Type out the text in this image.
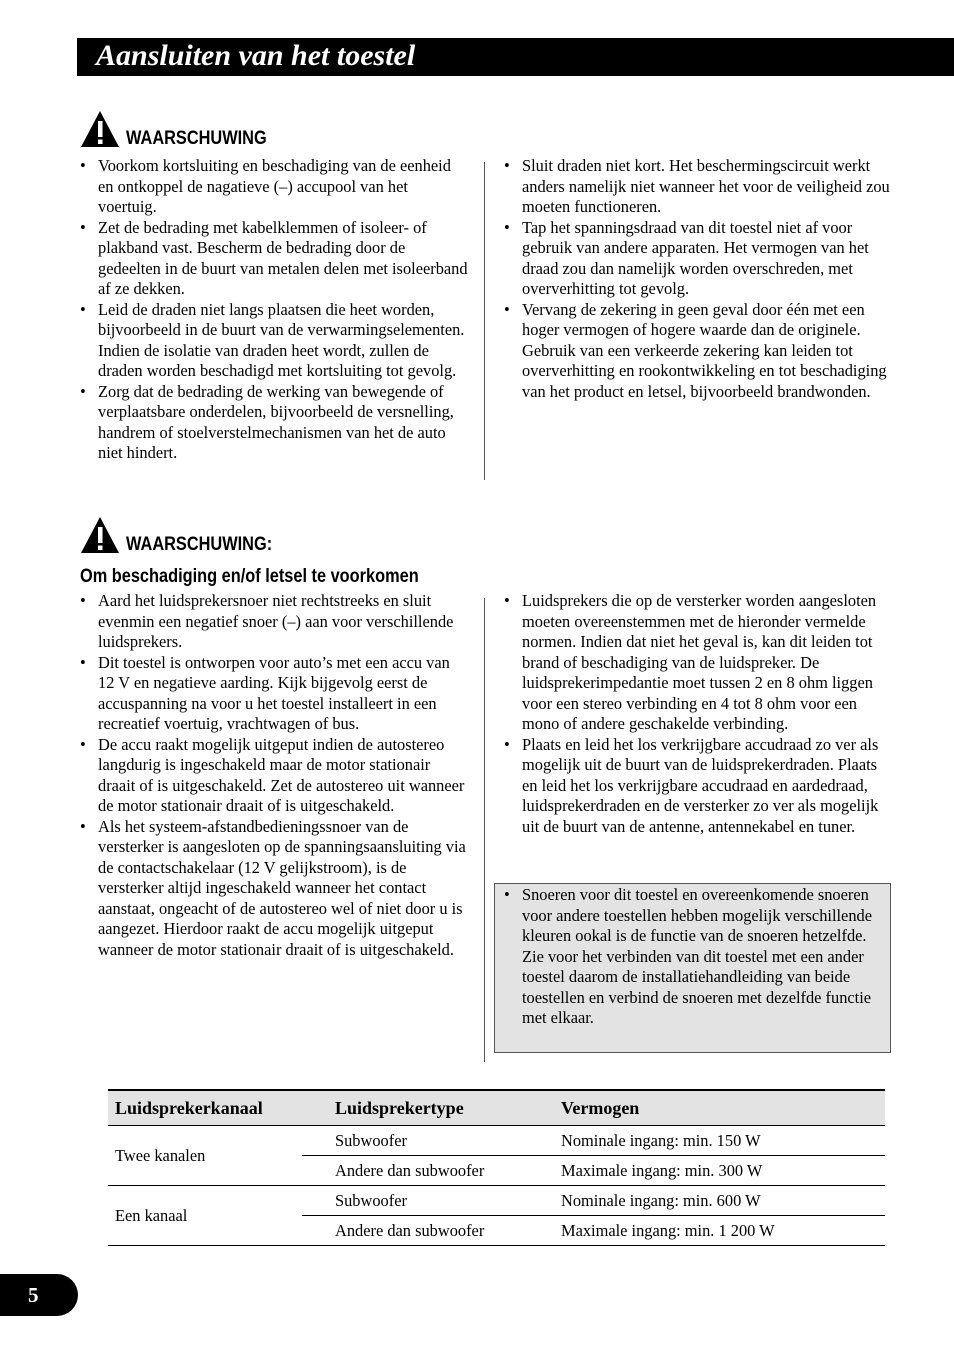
Aansluiten van het toestel
WAARSCHUWING
• Voorkom kortsluiting en beschadiging van de eenheid en ontkoppel de nagatieve (–) accupool van het voertuig.
• Zet de bedrading met kabelklemmen of isoleer- of plakband vast. Bescherm de bedrading door de gedeelten in de buurt van metalen delen met isoleerband af ze dekken.
• Leid de draden niet langs plaatsen die heet worden, bijvoorbeeld in de buurt van de verwarmingselementen. Indien de isolatie van draden heet wordt, zullen de draden worden beschadigd met kortsluiting tot gevolg.
• Zorg dat de bedrading de werking van bewegende of verplaatsbare onderdelen, bijvoorbeeld de versnelling, handrem of stoelverstelmechanismen van het de auto niet hindert.
• Sluit draden niet kort. Het beschermingscircuit werkt anders namelijk niet wanneer het voor de veiligheid zou moeten functioneren.
• Tap het spanningsdraad van dit toestel niet af voor gebruik van andere apparaten. Het vermogen van het draad zou dan namelijk worden overschreden, met oververhitting tot gevolg.
• Vervang de zekering in geen geval door één met een hoger vermogen of hogere waarde dan de originele. Gebruik van een verkeerde zekering kan leiden tot oververhitting en rookontwikkeling en tot beschadiging van het product en letsel, bijvoorbeeld brandwonden.
WAARSCHUWING:
Om beschadiging en/of letsel te voorkomen
• Aard het luidsprekersnoer niet rechtstreeks en sluit evenmin een negatief snoer (–) aan voor verschillende luidsprekers.
• Dit toestel is ontworpen voor auto’s met een accu van 12 V en negatieve aarding. Kijk bijgevolg eerst de accuspanning na voor u het toestel installeert in een recreatief voertuig, vrachtwagen of bus.
• De accu raakt mogelijk uitgeput indien de autostereo langdurig is ingeschakeld maar de motor stationair draait of is uitgeschakeld. Zet de autostereo uit wanneer de motor stationair draait of is uitgeschakeld.
• Als het systeem-afstandbedieningssnoer van de versterker is aangesloten op de spanningsaansluiting via de contactschakelaar (12 V gelijkstroom), is de versterker altijd ingeschakeld wanneer het contact aanstaat, ongeacht of de autostereo wel of niet door u is aangezet. Hierdoor raakt de accu mogelijk uitgeput wanneer de motor stationair draait of is uitgeschakeld.
• Luidsprekers die op de versterker worden aangesloten moeten overeenstemmen met de hieronder vermelde normen. Indien dat niet het geval is, kan dit leiden tot brand of beschadiging van de luidspreker. De luidsprekerimpedantie moet tussen 2 en 8 ohm liggen voor een stereo verbinding en 4 tot 8 ohm voor een mono of andere geschakelde verbinding.
• Plaats en leid het los verkrijgbare accudraad zo ver als mogelijk uit de buurt van de luidsprekerdraden. Plaats en leid het los verkrijgbare accudraad en aardedraad, luidsprekerdraden en de versterker zo ver als mogelijk uit de buurt van de antenne, antennekabel en tuner.
• Snoeren voor dit toestel en overeenkomende snoeren voor andere toestellen hebben mogelijk verschillende kleuren ookal is de functie van de snoeren hetzelfde. Zie voor het verbinden van dit toestel met een ander toestel daarom de installatiehandleiding van beide toestellen en verbind de snoeren met dezelfde functie met elkaar.
Luidsprekerkanaal	Luidsprekertype	Vermogen
Twee kanalen	Subwoofer	Nominale ingang: min. 150 W
	Andere dan subwoofer	Maximale ingang: min. 300 W
Een kanaal	Subwoofer	Nominale ingang: min. 600 W
	Andere dan subwoofer	Maximale ingang: min. 1 200 W
5
